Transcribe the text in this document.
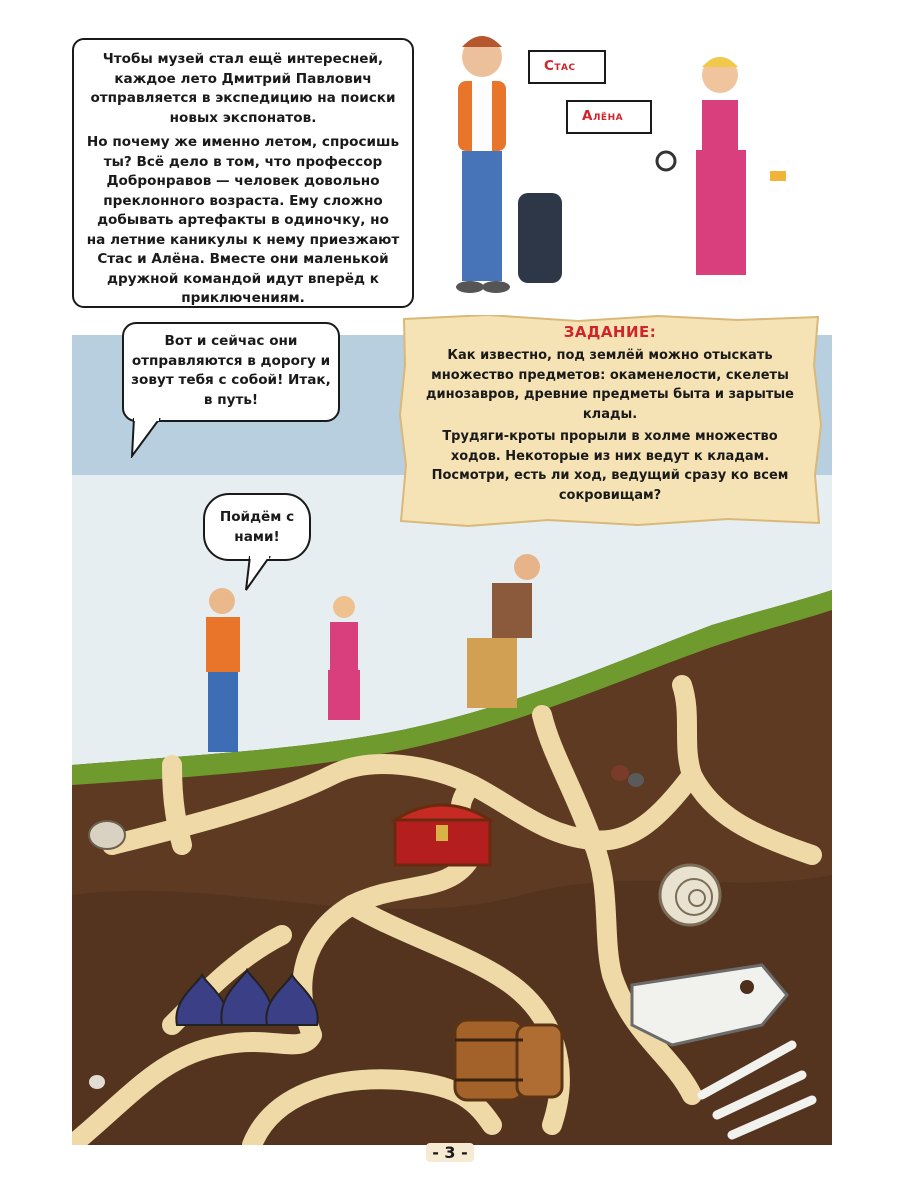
Чтобы музей стал ещё интересней, каждое лето Дмитрий Павлович отправляется в экспедицию на поиски новых экспонатов.

Но почему же именно летом, спросишь ты? Всё дело в том, что профессор Добронравов — человек довольно преклонного возраста. Ему сложно добывать артефакты в одиночку, но на летние каникулы к нему приезжают Стас и Алёна. Вместе они маленькой дружной командой идут вперёд к приключениям.

Стас
Алёна
Вот и сейчас они отправляются в дорогу и зовут тебя с собой! Итак, в путь!
Пойдём с нами!
ЗАДАНИЕ:

Как известно, под землёй можно отыскать множество предметов: окаменелости, скелеты динозавров, древние предметы быта и зарытые клады.

Трудяги-кроты прорыли в холме множество ходов. Некоторые из них ведут к кладам. Посмотри, есть ли ход, ведущий сразу ко всем сокровищам?

- 3 -
